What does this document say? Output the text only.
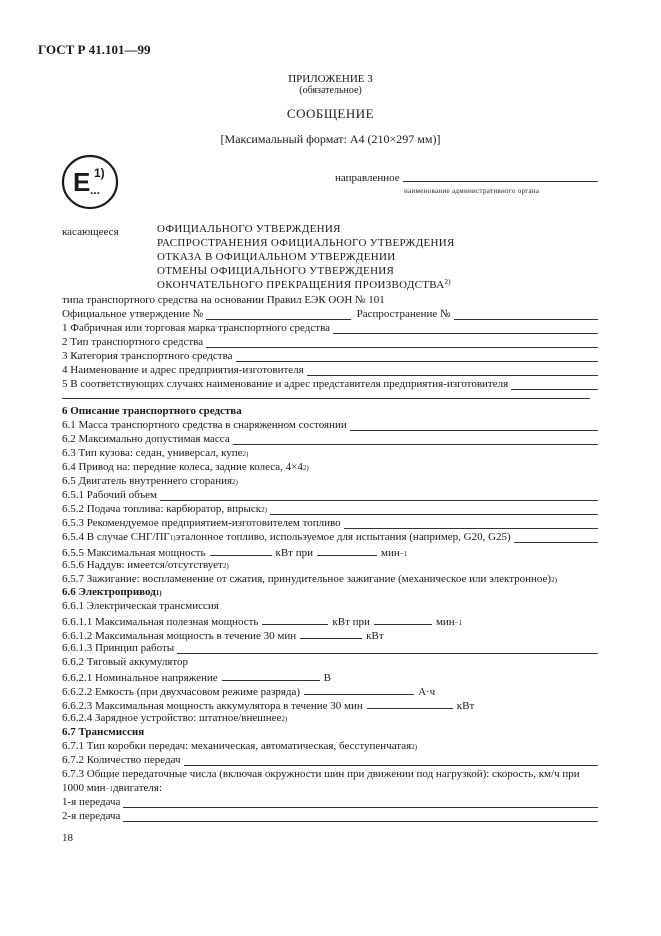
ГОСТ Р 41.101—99
ПРИЛОЖЕНИЕ 3
(обязательное)
СООБЩЕНИЕ
[Максимальный формат: А4 (210×297 мм)]
E ...
1)	направленное
наименование административного органа
касающееся	ОФИЦИАЛЬНОГО УТВЕРЖДЕНИЯ
РАСПРОСТРАНЕНИЯ ОФИЦИАЛЬНОГО УТВЕРЖДЕНИЯ
ОТКАЗА В ОФИЦИАЛЬНОМ УТВЕРЖДЕНИИ
ОТМЕНЫ ОФИЦИАЛЬНОГО УТВЕРЖДЕНИЯ
ОКОНЧАТЕЛЬНОГО ПРЕКРАЩЕНИЯ ПРОИЗВОДСТВА$^{2)}$
типа транспортного средства на основании Правил ЕЭК ООН № 101
Официальное утверждение №	Распространение №
1 Фабричная или торговая марка транспортного средства
2 Тип транспортного средства
3 Категория транспортного средства
4 Наименование и адрес предприятия-изготовителя
5 В соответствующих случаях наименование и адрес представителя предприятия-изготовителя
6 Описание транспортного средства
6.1 Масса транспортного средства в снаряженном состоянии
6.2 Максимально допустимая масса
6.3 Тип кузова: седан, универсал, купе 2)
6.4 Привод на: передние колеса, задние колеса, 4×4 2)
6.5 Двигатель внутреннего сгорания 2)
6.5.1 Рабочий объем
6.5.2 Подача топлива: карбюратор, впрыск 2)
6.5.3 Рекомендуемое предприятием-изготовителем топливо
6.5.4 В случае СНГ/ПГ 1) эталонное топливо, используемое для испытания (например, G20, G25)
6.5.5 Максимальная мощность	кВт при	мин −1
6.5.6 Наддув: имеется/отсутствует 2)
6.5.7 Зажигание: воспламенение от сжатия, принудительное зажигание (механическое или электронное) 2)
6.6 Электропривод 1)
6.6.1 Электрическая трансмиссия
6.6.1.1 Максимальная полезная мощность	кВт при	мин −1
6.6.1.2 Максимальная мощность в течение 30 мин	кВт
6.6.1.3 Принцип работы
6.6.2 Тяговый аккумулятор
6.6.2.1 Номинальное напряжение	В
6.6.2.2 Емкость (при двухчасовом режиме разряда)	А·ч
6.6.2.3 Максимальная мощность аккумулятора в течение 30 мин	кВт
6.6.2.4 Зарядное устройство: штатное/внешнее 2)
6.7 Трансмиссия
6.7.1 Тип коробки передач: механическая, автоматическая, бесступенчатая 2)
6.7.2 Количество передач
6.7.3 Общие передаточные числа (включая окружности шин при движении под нагрузкой): скорость, км/ч при
1000 мин −1 двигателя:
1-я передача
2-я передача
18
